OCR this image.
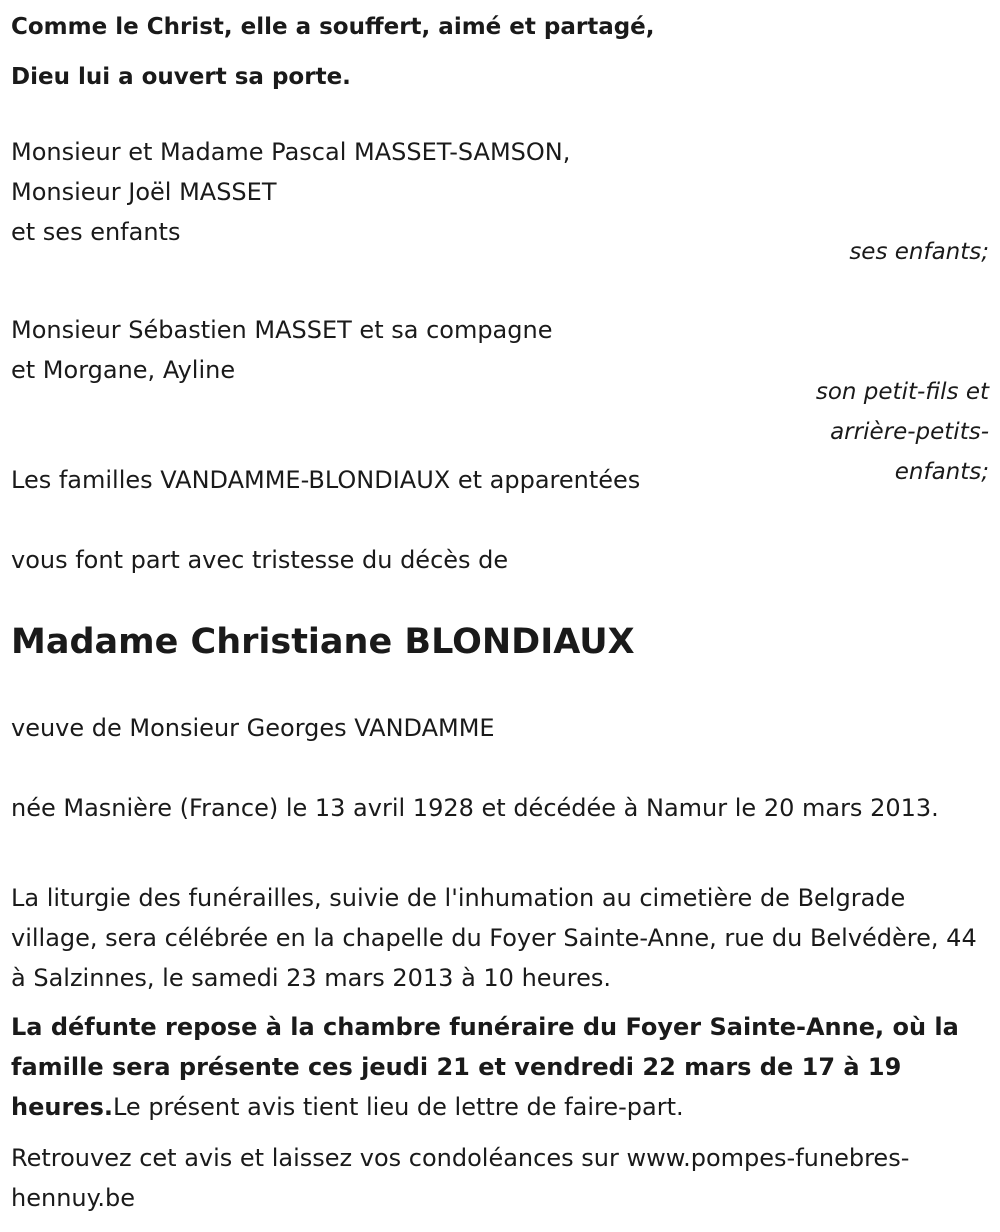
Comme le Christ, elle a souffert, aimé et partagé,
Dieu lui a ouvert sa porte.
Monsieur et Madame Pascal MASSET-SAMSON,
Monsieur Joël MASSET
et ses enfants
ses enfants;
Monsieur Sébastien MASSET et sa compagne
et Morgane, Ayline
son petit-fils et arrière-petits-enfants;
Les familles VANDAMME-BLONDIAUX et apparentées
vous font part avec tristesse du décès de
Madame Christiane BLONDIAUX
veuve de Monsieur Georges VANDAMME
née Masnière (France) le 13 avril 1928 et décédée à Namur le 20 mars 2013.
La liturgie des funérailles, suivie de l'inhumation au cimetière de Belgrade village, sera célébrée en la chapelle du Foyer Sainte-Anne, rue du Belvédère, 44 à Salzinnes, le samedi 23 mars 2013 à 10 heures.
La défunte repose à la chambre funéraire du Foyer Sainte-Anne, où la famille sera présente ces jeudi 21 et vendredi 22 mars de 17 à 19 heures.Le présent avis tient lieu de lettre de faire-part.
Retrouvez cet avis et laissez vos condoléances sur www.pompes-funebres-hennuy.be
